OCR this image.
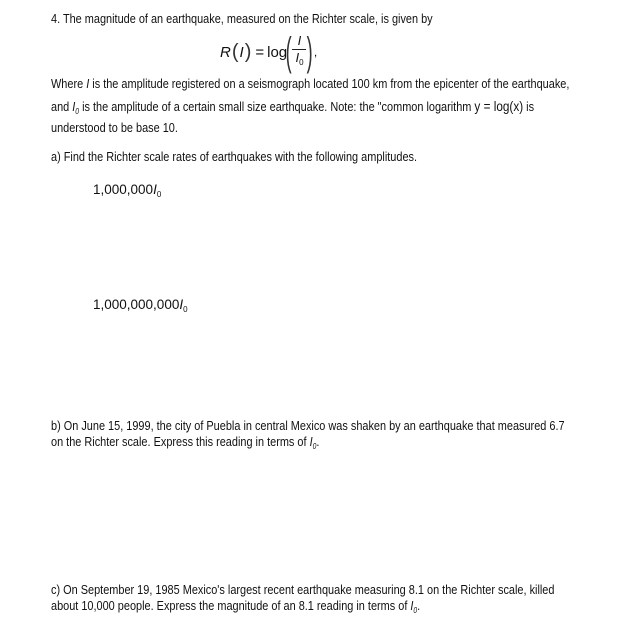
4. The magnitude of an earthquake, measured on the Richter scale, is given by
R ( I ) = log
( $\frac{I}{I_0}$ ) ,
Where I is the amplitude registered on a seismograph located 100 km from the epicenter of the earthquake,
and $I_0$ is the amplitude of a certain small size earthquake. Note: the "common logarithm y = log(x) is
understood to be base 10.
a) Find the Richter scale rates of earthquakes with the following amplitudes.
$1,000,000I_0$
$1,000,000,000I_0$
b) On June 15, 1999, the city of Puebla in central Mexico was shaken by an earthquake that measured 6.7
on the Richter scale. Express this reading in terms of $I_0$.
c) On September 19, 1985 Mexico's largest recent earthquake measuring 8.1 on the Richter scale, killed
about 10,000 people. Express the magnitude of an 8.1 reading in terms of $I_0$.
